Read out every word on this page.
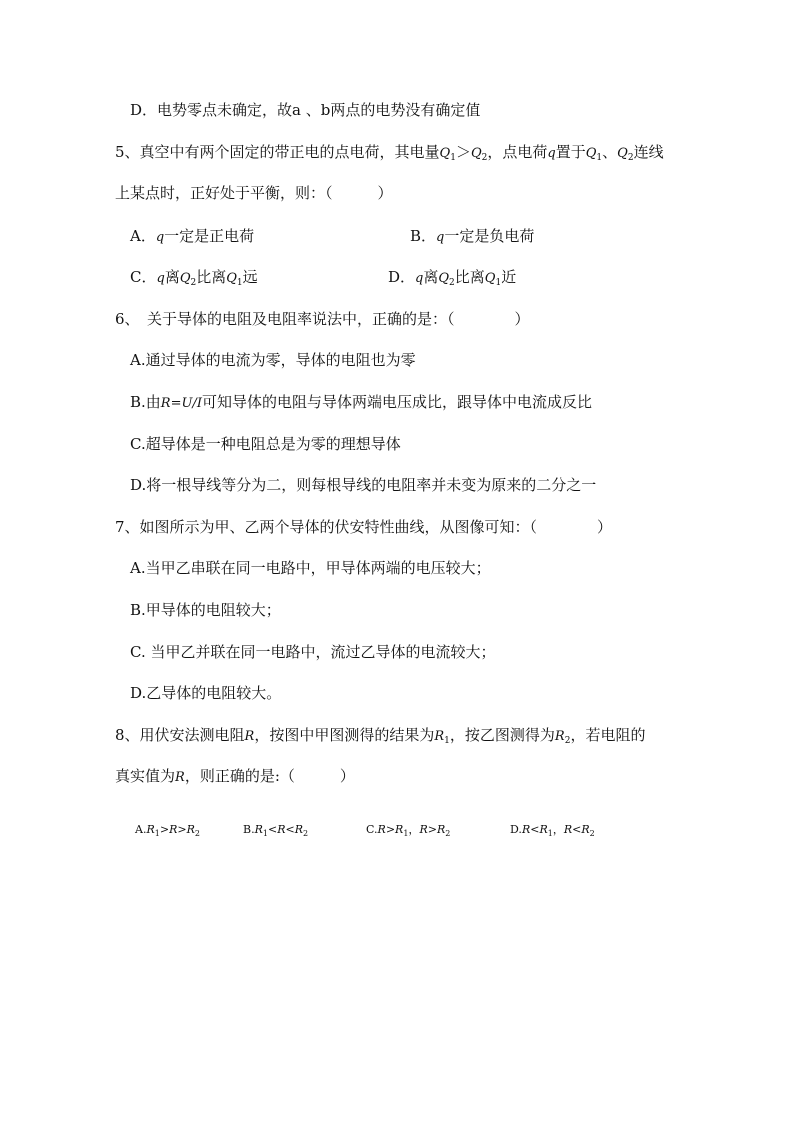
D．电势零点未确定，故a 、b两点的电势没有确定值
5、真空中有两个固定的带正电的点电荷，其电量$Q_1>Q_2$，点电荷q置于$Q_1$、$Q_2$连线
上某点时，正好处于平衡，则：（　　　）
A．q一定是正电荷	B．q一定是负电荷
C．q离$Q_2$比离$Q_1$远	D．q离$Q_2$比离$Q_1$近
6、　关于导体的电阻及电阻率说法中，正确的是：（　　　　）
A.通过导体的电流为零，导体的电阻也为零
B.由R=U/I可知导体的电阻与导体两端电压成比，跟导体中电流成反比
C.超导体是一种电阻总是为零的理想导体
D.将一根导线等分为二，则每根导线的电阻率并未变为原来的二分之一
7、如图所示为甲、乙两个导体的伏安特性曲线，从图像可知：（　　　　）
A.当甲乙串联在同一电路中，甲导体两端的电压较大；
B.甲导体的电阻较大；
C. 当甲乙并联在同一电路中，流过乙导体的电流较大；
D.乙导体的电阻较大。
8、用伏安法测电阻R，按图中甲图测得的结果为$R_1$，按乙图测得为$R_2$，若电阻的
真实值为R，则正确的是:（　　　）
$A.R_1>R>R_2$	$B.R_1<R<R_2$	$C.R>R_1$，$R>R_2$	$D.R<R_1$，$R<R_2$
